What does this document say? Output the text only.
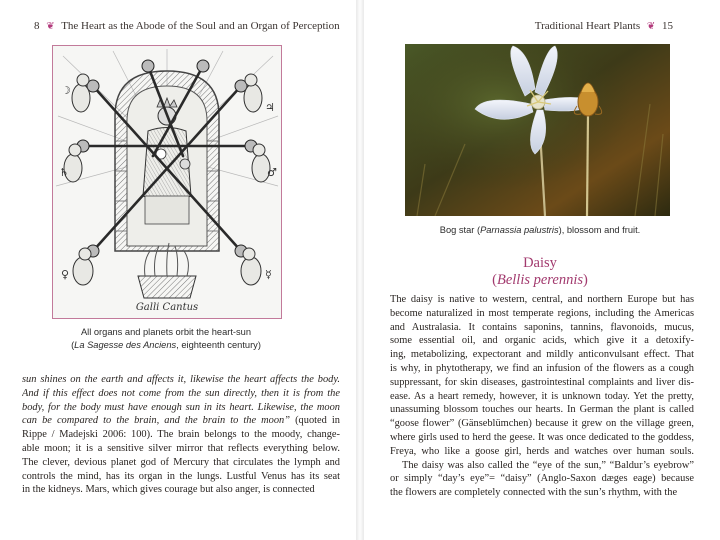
8 ❦ The Heart as the Abode of the Soul and an Organ of Perception
☽
♃
♄	♂
♀	☿
Galli Cantus
All organs and planets orbit the heart-sun
(La Sagesse des Anciens, eighteenth century)
sun shines on the earth and affects it, likewise the heart affects the body.
And if this effect does not come from the sun directly, then it is from the
body, for the body must have enough sun in its heart. Likewise, the moon
can be compared to the brain, and the brain to the moon” (quoted in
Rippe / Madejski 2006: 100). The brain belongs to the moody, change-
able moon; it is a sensitive silver mirror that reflects everything below.
The clever, devious planet god of Mercury that circulates the lymph and
controls the mind, has its organ in the lungs. Lustful Venus has its seat
in the kidneys. Mars, which gives courage but also anger, is connected
Traditional Heart Plants ❦ 15
Bog star (Parnassia palustris), blossom and fruit.
Daisy
(Bellis perennis)
The daisy is native to western, central, and northern Europe but has
become naturalized in most temperate regions, including the Americas
and Australasia. It contains saponins, tannins, flavonoids, mucus,
some essential oil, and organic acids, which give it a detoxify-
ing, metabolizing, expectorant and mildly anticonvulsant effect. That
is why, in phytotherapy, we find an infusion of the flowers as a cough
suppressant, for skin diseases, gastrointestinal complaints and liver dis-
ease. As a heart remedy, however, it is unknown today. Yet the pretty,
unassuming blossom touches our hearts. In German the plant is called
“goose flower” (Gänseblümchen) because it grew on the village green,
where girls used to herd the geese. It was once dedicated to the goddess,
Freya, who like a goose girl, herds and watches over human souls.
The daisy was also called the “eye of the sun,” “Baldur’s eyebrow”
or simply “day’s eye”= “daisy” (Anglo-Saxon dæges eage) because
the flowers are completely connected with the sun’s rhythm, with the
